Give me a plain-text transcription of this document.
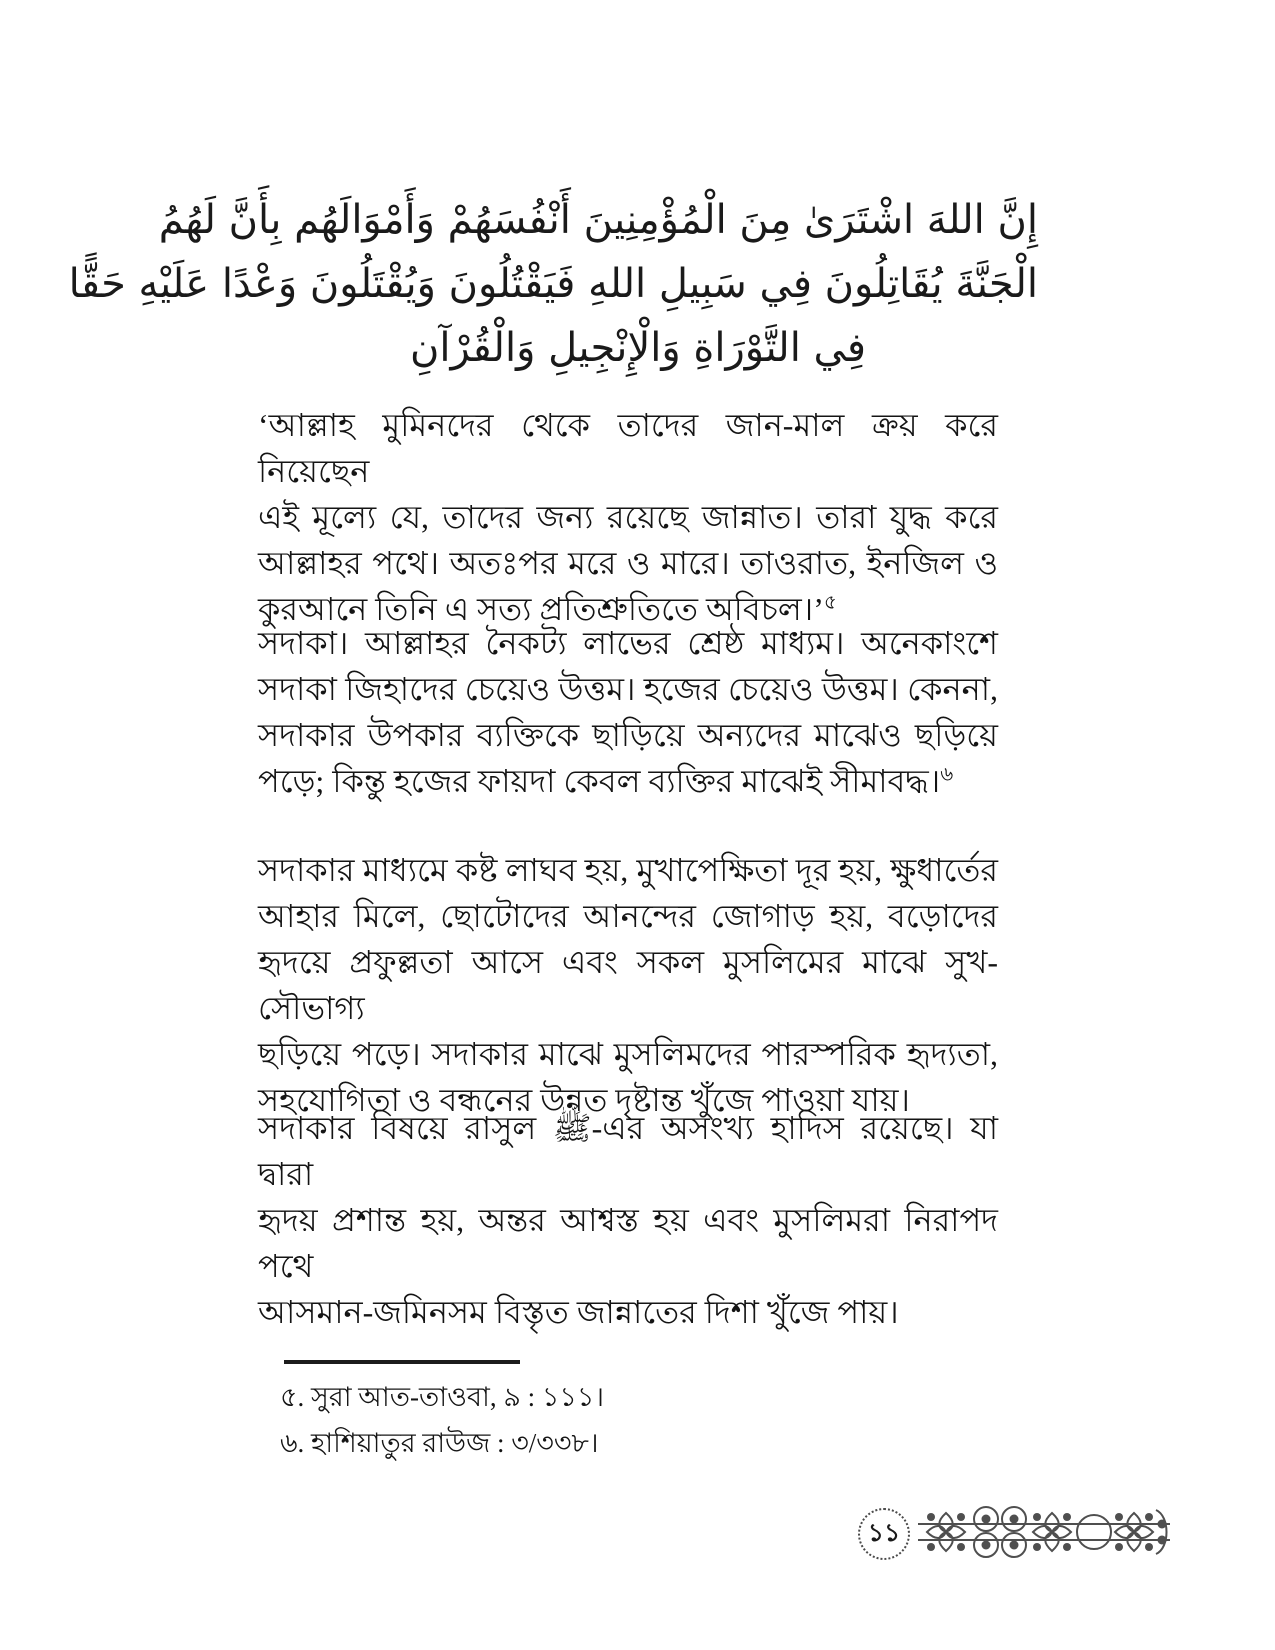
إِنَّ اللهَ اشْتَرَىٰ مِنَ الْمُؤْمِنِينَ أَنْفُسَهُمْ وَأَمْوَالَهُم بِأَنَّ لَهُمُ
الْجَنَّةَ يُقَاتِلُونَ فِي سَبِيلِ اللهِ فَيَقْتُلُونَ وَيُقْتَلُونَ وَعْدًا عَلَيْهِ حَقًّا
فِي التَّوْرَاةِ وَالْإِنْجِيلِ وَالْقُرْآنِ
‘আল্লাহ মুমিনদের থেকে তাদের জান-মাল ক্রয় করে নিয়েছেন
এই মূল্যে যে, তাদের জন্য রয়েছে জান্নাত। তারা যুদ্ধ করে
আল্লাহর পথে। অতঃপর মরে ও মারে। তাওরাত, ইনজিল ও
কুরআনে তিনি এ সত্য প্রতিশ্রুতিতে অবিচল।’$^৫$
সদাকা। আল্লাহর নৈকট্য লাভের শ্রেষ্ঠ মাধ্যম। অনেকাংশে
সদাকা জিহাদের চেয়েও উত্তম। হজের চেয়েও উত্তম। কেননা,
সদাকার উপকার ব্যক্তিকে ছাড়িয়ে অন্যদের মাঝেও ছড়িয়ে
পড়ে; কিন্তু হজের ফায়দা কেবল ব্যক্তির মাঝেই সীমাবদ্ধ।$^৬$
সদাকার মাধ্যমে কষ্ট লাঘব হয়, মুখাপেক্ষিতা দূর হয়, ক্ষুধার্তের
আহার মিলে, ছোটোদের আনন্দের জোগাড় হয়, বড়োদের
হৃদয়ে প্রফুল্লতা আসে এবং সকল মুসলিমের মাঝে সুখ-সৌভাগ্য
ছড়িয়ে পড়ে। সদাকার মাঝে মুসলিমদের পারস্পরিক হৃদ্যতা,
সহযোগিতা ও বন্ধনের উন্নত দৃষ্টান্ত খুঁজে পাওয়া যায়।
সদাকার বিষয়ে রাসুল ﷺ-এর অসংখ্য হাদিস রয়েছে। যা দ্বারা
হৃদয় প্রশান্ত হয়, অন্তর আশ্বস্ত হয় এবং মুসলিমরা নিরাপদ পথে
আসমান-জমিনসম বিস্তৃত জান্নাতের দিশা খুঁজে পায়।
৫. সুরা আত-তাওবা, ৯ : ১১১।
৬. হাশিয়াতুর রাউজ : ৩/৩৩৮।
১১
